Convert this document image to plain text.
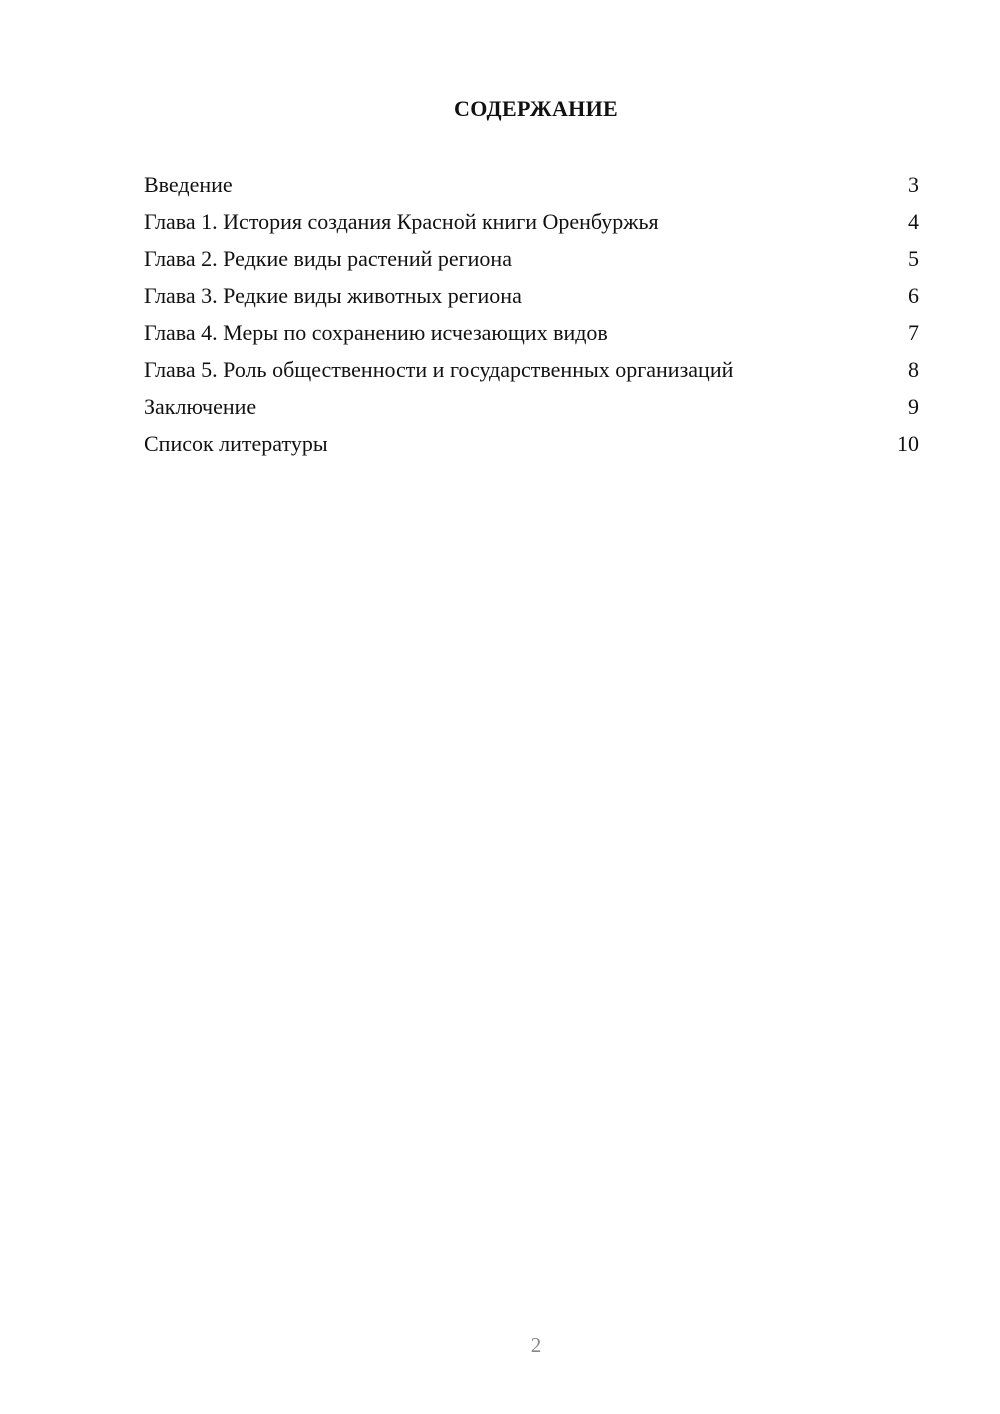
СОДЕРЖАНИЕ
Введение	3
Глава 1. История создания Красной книги Оренбуржья	4
Глава 2. Редкие виды растений региона	5
Глава 3. Редкие виды животных региона	6
Глава 4. Меры по сохранению исчезающих видов	7
Глава 5. Роль общественности и государственных организаций	8
Заключение	9
Список литературы	10
2
